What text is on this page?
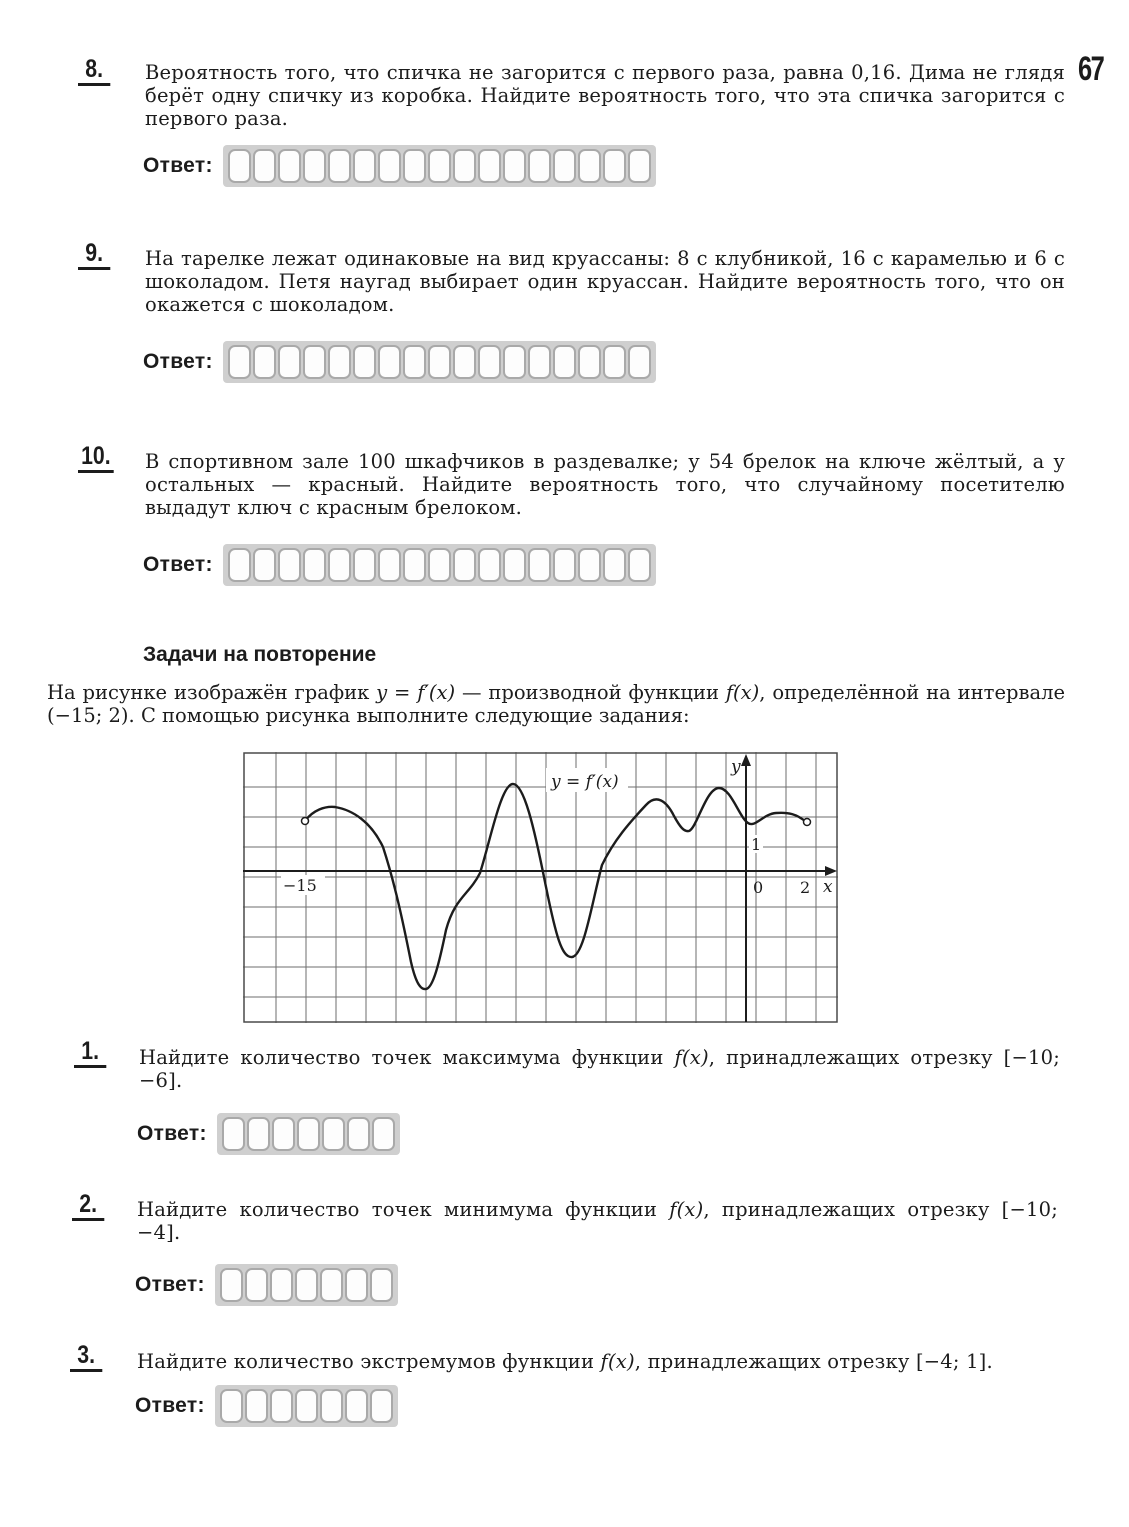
67
8.	Вероятность того, что спичка не загорится с первого раза, равна 0,16. Дима не глядя берёт одну спичку из коробка. Найдите вероятность того, что эта спичка загорится с первого раза.
Ответ:
9.	На тарелке лежат одинаковые на вид круассаны: 8 с клубникой, 16 с карамелью и 6 с шоколадом. Петя наугад выбирает один круассан. Найдите вероятность того, что он окажется с шоколадом.
Ответ:
10. В спортивном зале 100 шкафчиков в раздевалке; у 54 брелок на ключе жёлтый, а у остальных — красный. Найдите вероятность того, что случайному посетителю выдадут ключ с красным брелоком.
Ответ:
Задачи на повторение
На рисунке изображён график y = f′(x) — производной функции f(x), определённой на интервале (−15; 2). С помощью рисунка выполните следующие задания:
y = f′(x)
y
x
−15	0 2
1
1.	Найдите количество точек максимума функции f(x), принадлежащих отрезку [−10; −6].
Ответ:
2.	Найдите количество точек минимума функции f(x), принадлежащих отрезку [−10; −4].
Ответ:
3.	Найдите количество экстремумов функции f(x), принадлежащих отрезку [−4; 1].
Ответ:
